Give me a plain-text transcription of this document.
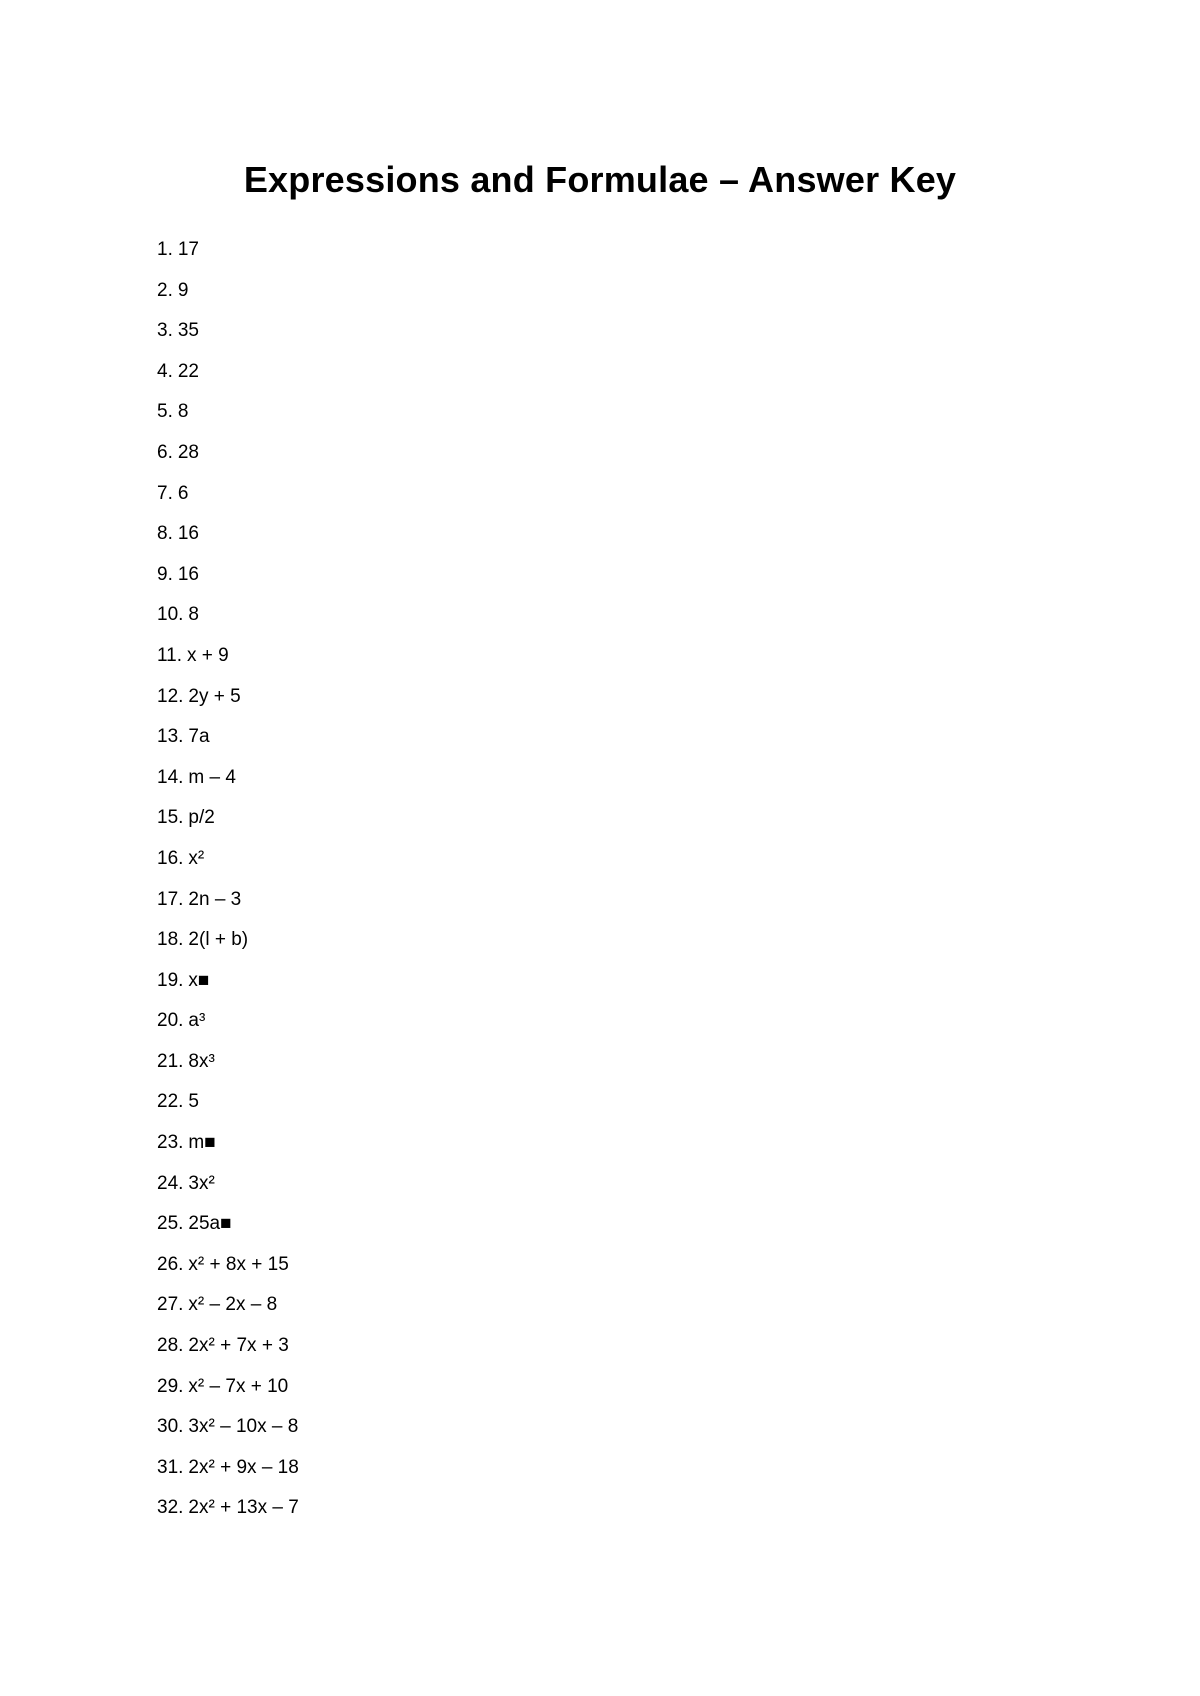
Expressions and Formulae – Answer Key
1. 17
2. 9
3. 35
4. 22
5. 8
6. 28
7. 6
8. 16
9. 16
10. 8
11. x + 9
12. 2y + 5
13. 7a
14. m – 4
15. p/2
16. x²
17. 2n – 3
18. 2(l + b)
19. x■
20. a³
21. 8x³
22. 5
23. m■
24. 3x²
25. 25a■
26. x² + 8x + 15
27. x² – 2x – 8
28. 2x² + 7x + 3
29. x² – 7x + 10
30. 3x² – 10x – 8
31. 2x² + 9x – 18
32. 2x² + 13x – 7
